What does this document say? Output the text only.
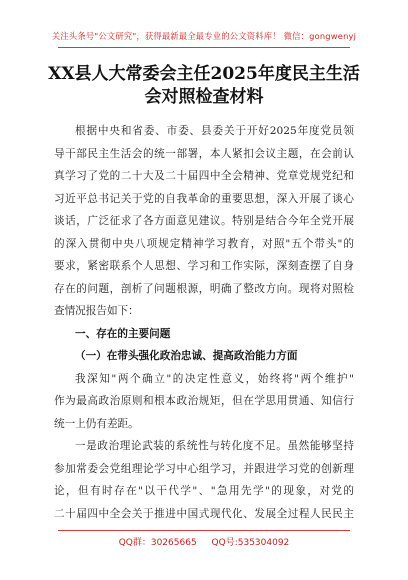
关注头条号"公文研究"，获得最新最全最专业的公文资料库！ 微信：gongwenyj
XX县人大常委会主任2025年度民主生活
会对照检查材料
根据中央和省委、市委、县委关于开好2025年度党员领
导干部民主生活会的统一部署，本人紧扣会议主题，在会前认
真学习了党的二十大及二十届四中全会精神、党章党规党纪和
习近平总书记关于党的自我革命的重要思想，深入开展了谈心
谈话，广泛征求了各方面意见建议。特别是结合今年全党开展
的深入贯彻中央八项规定精神学习教育，对照"五个带头"的
要求，紧密联系个人思想、学习和工作实际，深刻查摆了自身
存在的问题，剖析了问题根源，明确了整改方向。现将对照检
查情况报告如下：
一、存在的主要问题
（一）在带头强化政治忠诚、提高政治能力方面
我深知"两个确立"的决定性意义，始终将"两个维护"
作为最高政治原则和根本政治规矩，但在学思用贯通、知信行
统一上仍有差距。
一是政治理论武装的系统性与转化度不足。虽然能够坚持
参加常委会党组理论学习中心组学习，并跟进学习党的创新理
论，但有时存在"以干代学"、"急用先学"的现象，对党的
二十届四中全会关于推进中国式现代化、发展全过程人民民主
QQ群：30265665 QQ号:535304092
